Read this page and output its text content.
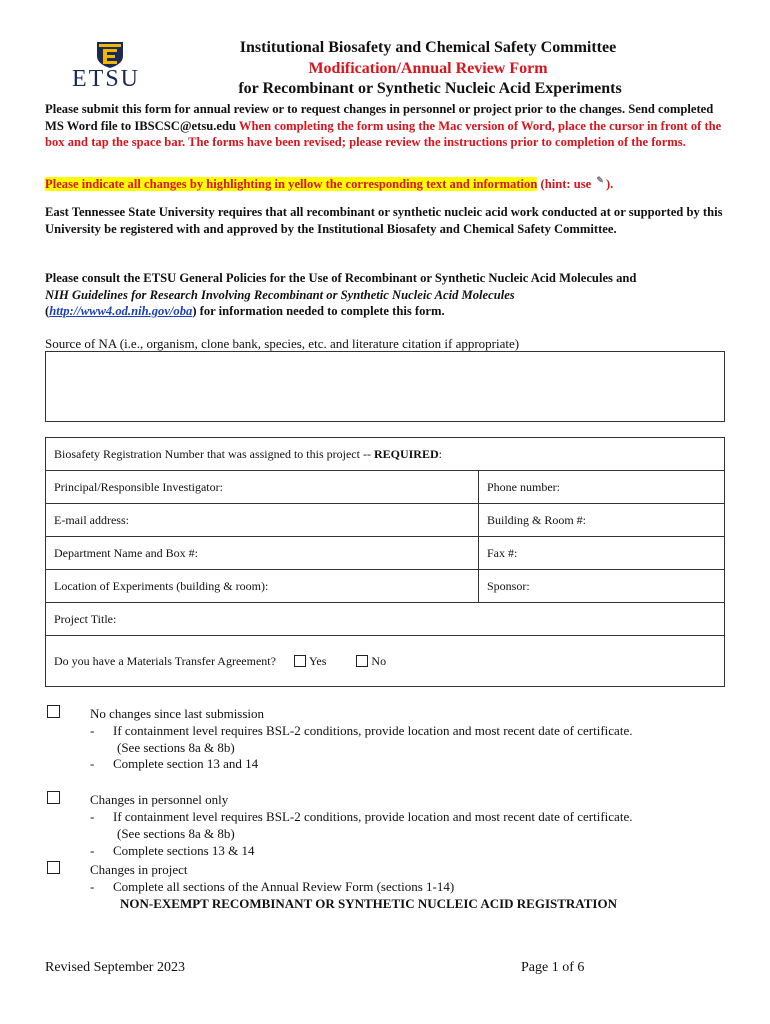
ETSU
Institutional Biosafety and Chemical Safety Committee
Modification/Annual Review Form
for Recombinant or Synthetic Nucleic Acid Experiments
Please submit this form for annual review or to request changes in personnel or project prior to the changes. Send completed MS Word file to IBSCSC@etsu.edu When completing the form using the Mac version of Word, place the cursor in front of the box and tap the space bar. The forms have been revised; please review the instructions prior to completion of the forms.
Please indicate all changes by highlighting in yellow the corresponding text and information (hint: use ✎ ).
East Tennessee State University requires that all recombinant or synthetic nucleic acid work conducted at or supported by this University be registered with and approved by the Institutional Biosafety and Chemical Safety Committee.
Please consult the ETSU General Policies for the Use of Recombinant or Synthetic Nucleic Acid Molecules and
NIH Guidelines for Research Involving Recombinant or Synthetic Nucleic Acid Molecules
(http://www4.od.nih.gov/oba) for information needed to complete this form.
Source of NA (i.e., organism, clone bank, species, etc. and literature citation if appropriate)
Biosafety Registration Number that was assigned to this project --
REQUIRED :
Principal/Responsible Investigator:	Phone number:
E-mail address:	Building & Room #:
Department Name and Box #:	Fax #:
Location of Experiments (building & room):	Sponsor:
Project Title:
Do you have a Materials Transfer Agreement?	Yes	No
No changes since last submission
- If containment level requires BSL-2 conditions, provide location and most recent date of certificate.
(See sections 8a & 8b)
- Complete section 13 and 14
Changes in personnel only
- If containment level requires BSL-2 conditions, provide location and most recent date of certificate.
(See sections 8a & 8b)
- Complete sections 13 & 14
Changes in project
- Complete all sections of the Annual Review Form (sections 1-14)
NON-EXEMPT RECOMBINANT OR SYNTHETIC NUCLEIC ACID REGISTRATION
Revised September 2023	Page 1 of 6
